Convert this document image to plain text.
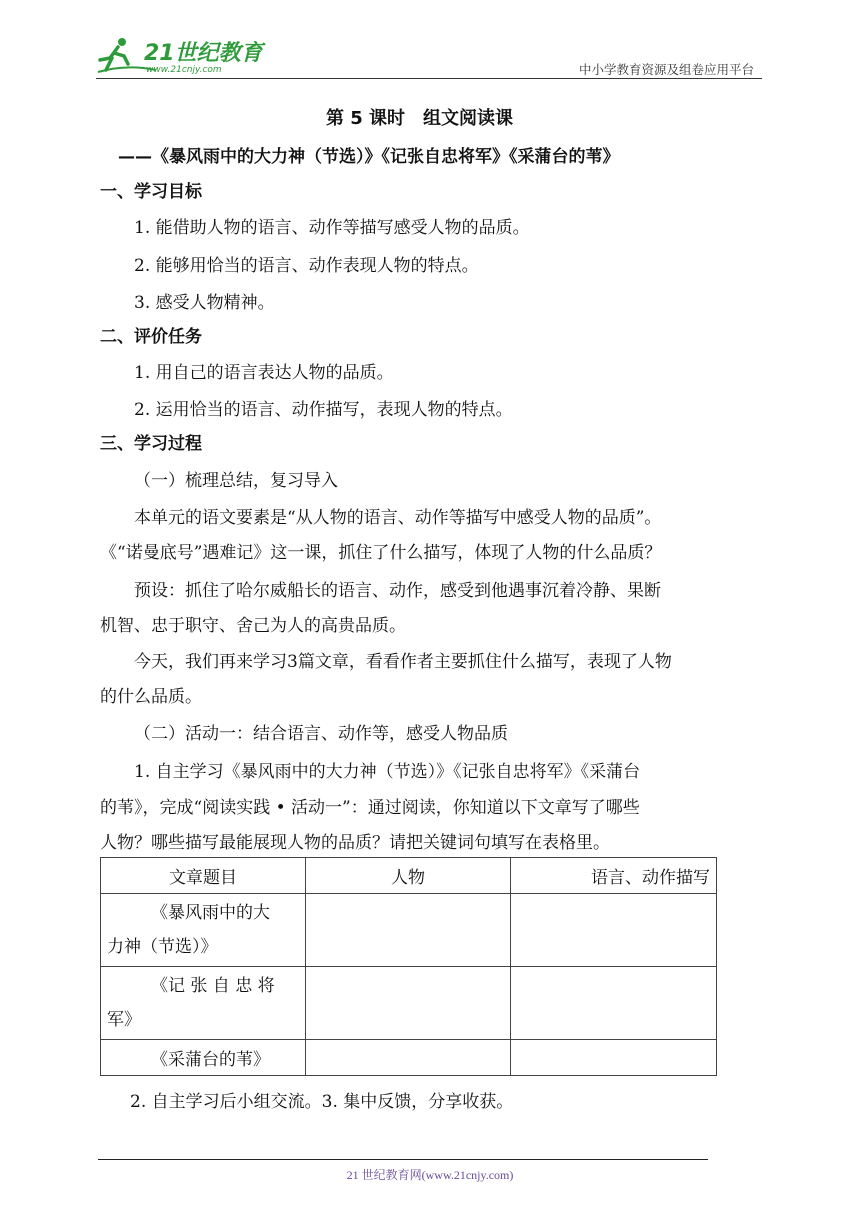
21世纪教育
www.21cnjy.com	中小学教育资源及组卷应用平台
第 5 课时　组文阅读课
——《暴风雨中的大力神（节选）》《记张自忠将军》《采蒲台的苇》
一、学习目标
1. 能借助人物的语言、动作等描写感受人物的品质。
2. 能够用恰当的语言、动作表现人物的特点。
3. 感受人物精神。
二、评价任务
1. 用自己的语言表达人物的品质。
2. 运用恰当的语言、动作描写，表现人物的特点。
三、学习过程
（一）梳理总结，复习导入
本单元的语文要素是“从人物的语言、动作等描写中感受人物的品质”。
《“诺曼底号”遇难记》这一课，抓住了什么描写，体现了人物的什么品质？
预设：抓住了哈尔威船长的语言、动作，感受到他遇事沉着冷静、果断
机智、忠于职守、舍己为人的高贵品质。
今天，我们再来学习3篇文章，看看作者主要抓住什么描写，表现了人物
的什么品质。
（二）活动一：结合语言、动作等，感受人物品质
1. 自主学习《暴风雨中的大力神（节选）》《记张自忠将军》《采蒲台
的苇》，完成“阅读实践 • 活动一”：通过阅读，你知道以下文章写了哪些
人物？哪些描写最能展现人物的品质？请把关键词句填写在表格里。
文章题目	人物	语言、动作描写

《暴风雨中的大
力神（节选）》		

《记 张 自 忠 将
军》		

《采蒲台的苇》		

2. 自主学习后小组交流。3. 集中反馈，分享收获。
21 世纪教育网(www.21cnjy.com)
